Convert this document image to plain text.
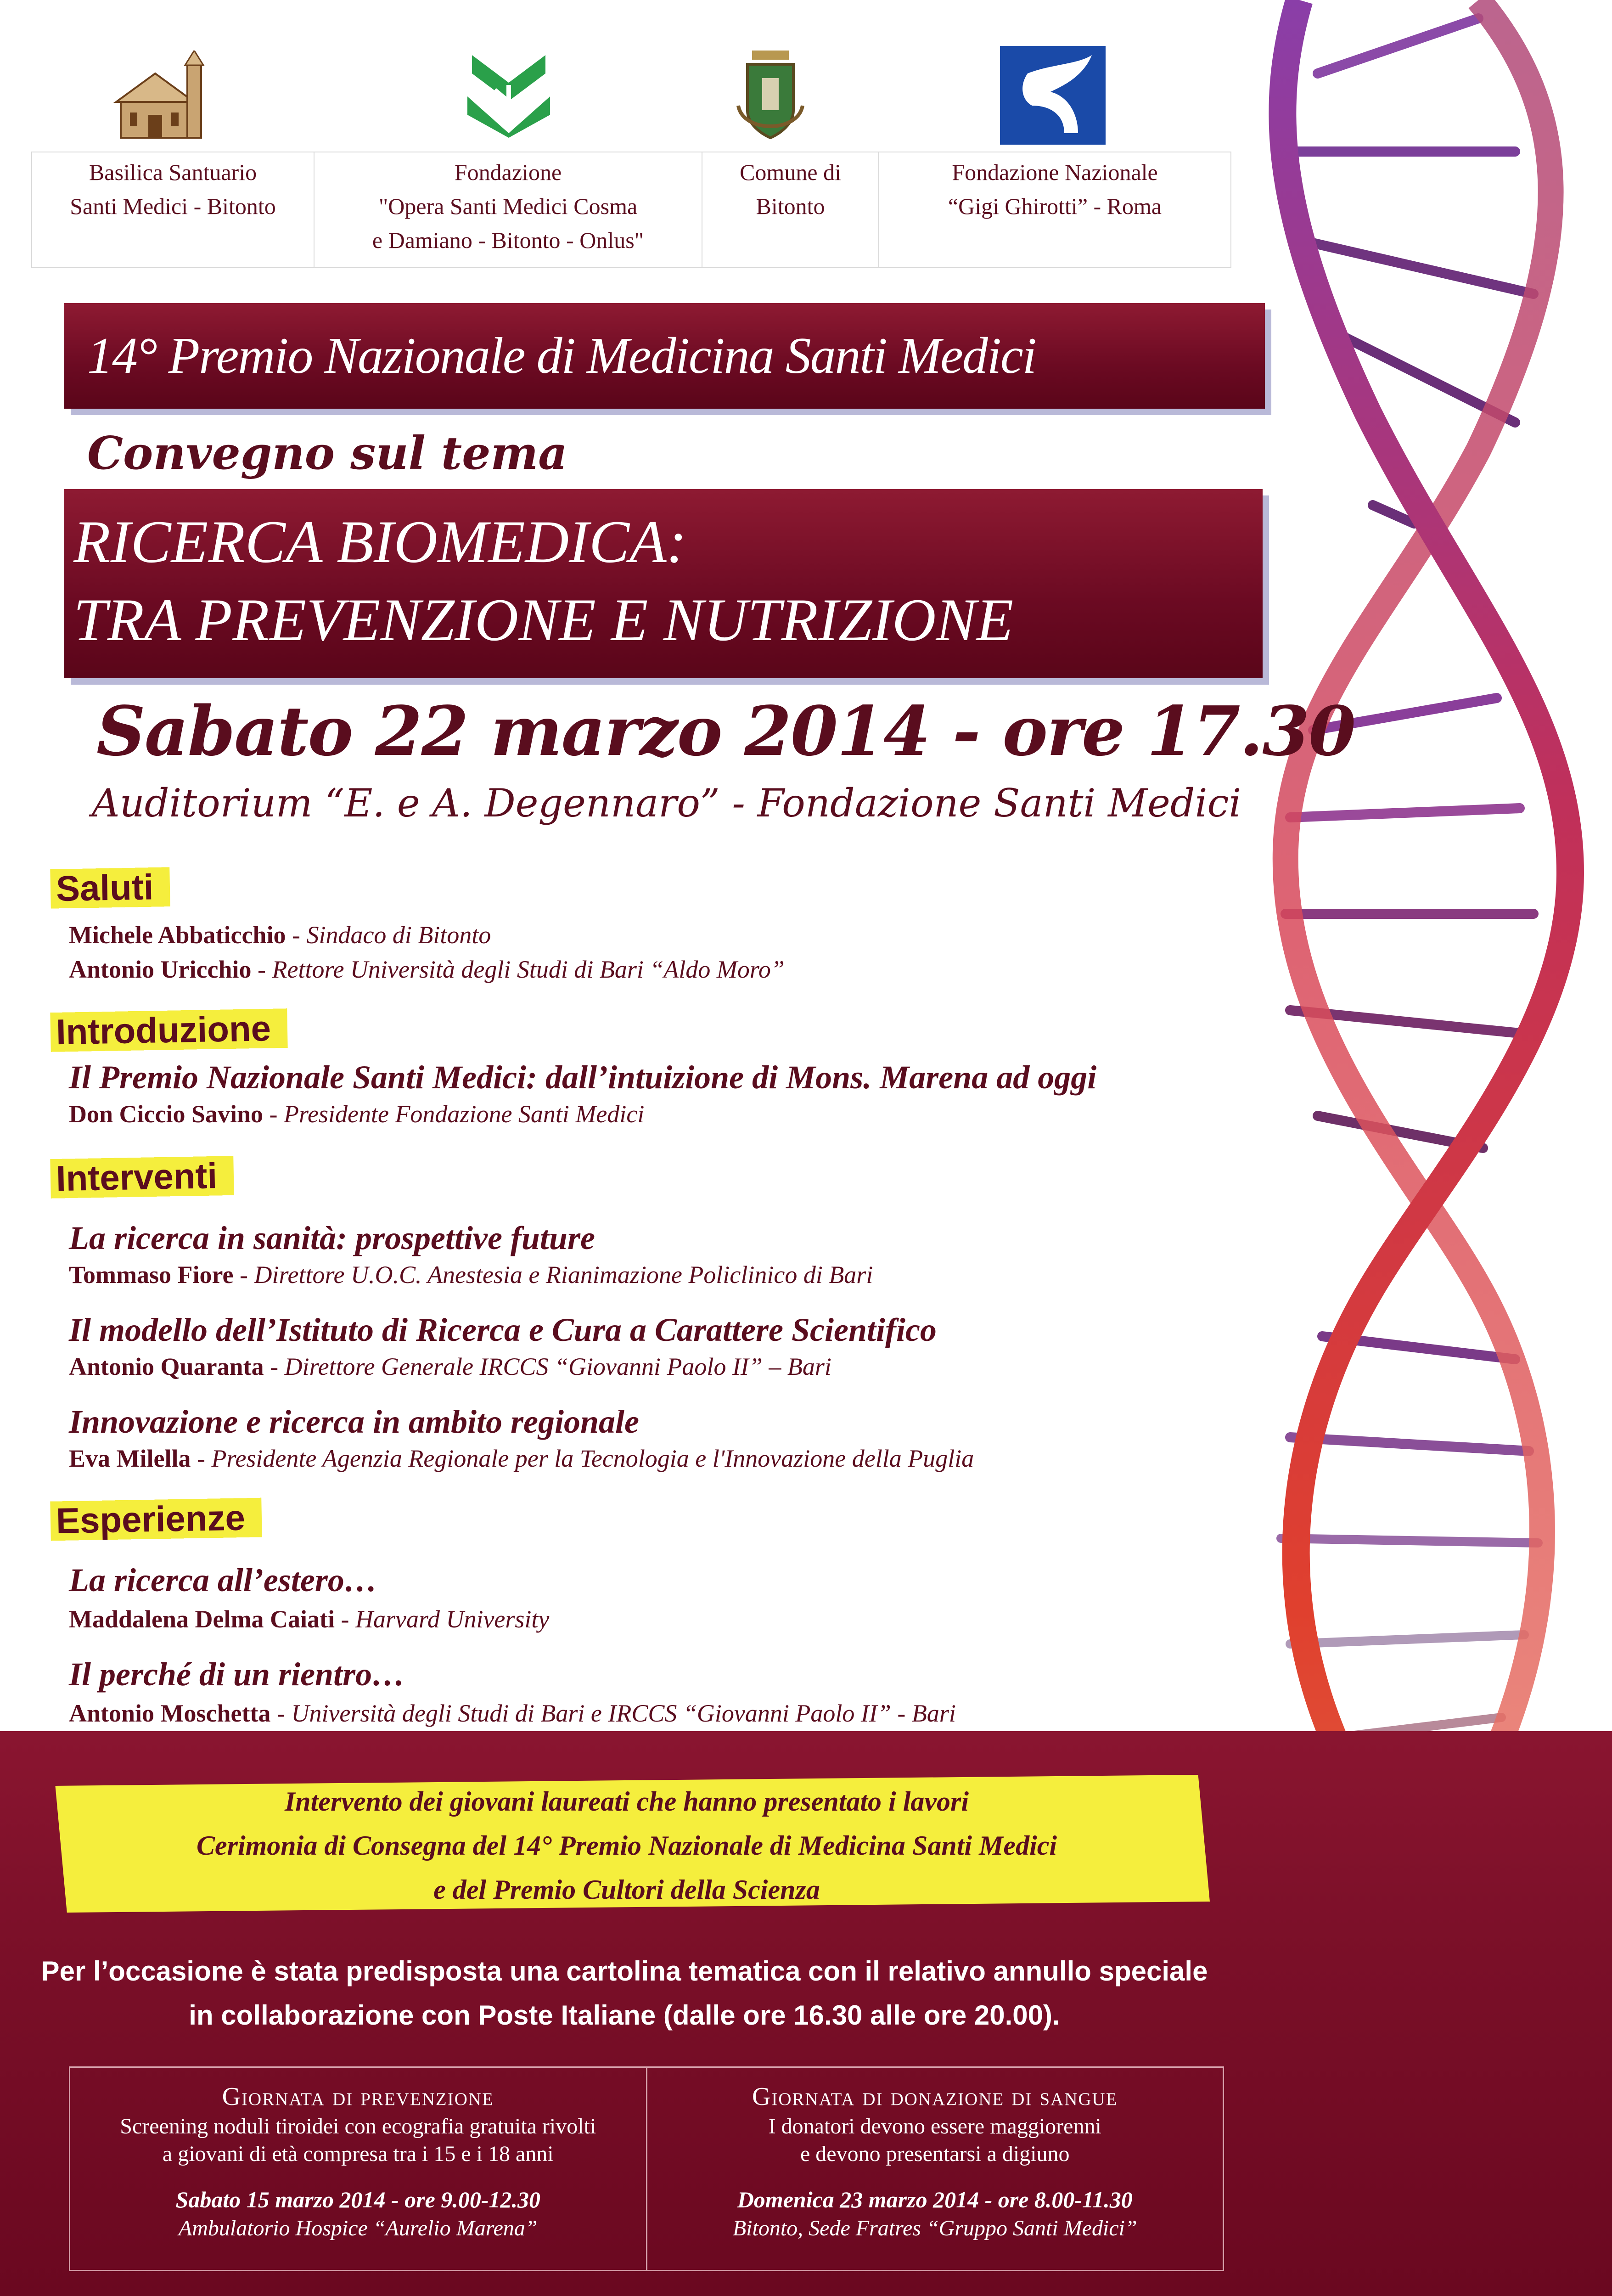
Basilica Santuario
Santi Medici - Bitonto
Fondazione
"Opera Santi Medici Cosma
e Damiano - Bitonto - Onlus"
Comune di
Bitonto
Fondazione Nazionale
“Gigi Ghirotti” - Roma
14° Premio Nazionale di Medicina Santi Medici
Convegno sul tema
RICERCA BIOMEDICA:
TRA PREVENZIONE E NUTRIZIONE
Sabato 22 marzo 2014 - ore 17.30
Auditorium “E. e A. Degennaro” - Fondazione Santi Medici
Saluti
Michele Abbaticchio - Sindaco di Bitonto
Antonio Uricchio - Rettore Università degli Studi di Bari “Aldo Moro”
Introduzione
Il Premio Nazionale Santi Medici: dall’intuizione di Mons. Marena ad oggi
Don Ciccio Savino - Presidente Fondazione Santi Medici
Interventi
La ricerca in sanità: prospettive future
Tommaso Fiore - Direttore U.O.C. Anestesia e Rianimazione Policlinico di Bari
Il modello dell’Istituto di Ricerca e Cura a Carattere Scientifico
Antonio Quaranta - Direttore Generale IRCCS “Giovanni Paolo II” – Bari
Innovazione e ricerca in ambito regionale
Eva Milella - Presidente Agenzia Regionale per la Tecnologia e l'Innovazione della Puglia
Esperienze
La ricerca all’estero…
Maddalena Delma Caiati - Harvard University
Il perché di un rientro…
Antonio Moschetta - Università degli Studi di Bari e IRCCS “Giovanni Paolo II” - Bari
Intervento dei giovani laureati che hanno presentato i lavori
Cerimonia di Consegna del 14° Premio Nazionale di Medicina Santi Medici
e del Premio Cultori della Scienza
Per l’occasione è stata predisposta una cartolina tematica con il relativo annullo speciale
in collaborazione con Poste Italiane (dalle ore 16.30 alle ore 20.00).
Giornata di prevenzione
Screening noduli tiroidei con ecografia gratuita rivolti
a giovani di età compresa tra i 15 e i 18 anni
Sabato 15 marzo 2014 - ore 9.00-12.30
Ambulatorio Hospice “Aurelio Marena”
Giornata di donazione di sangue
I donatori devono essere maggiorenni
e devono presentarsi a digiuno
Domenica 23 marzo 2014 - ore 8.00-11.30
Bitonto, Sede Fratres “Gruppo Santi Medici”
